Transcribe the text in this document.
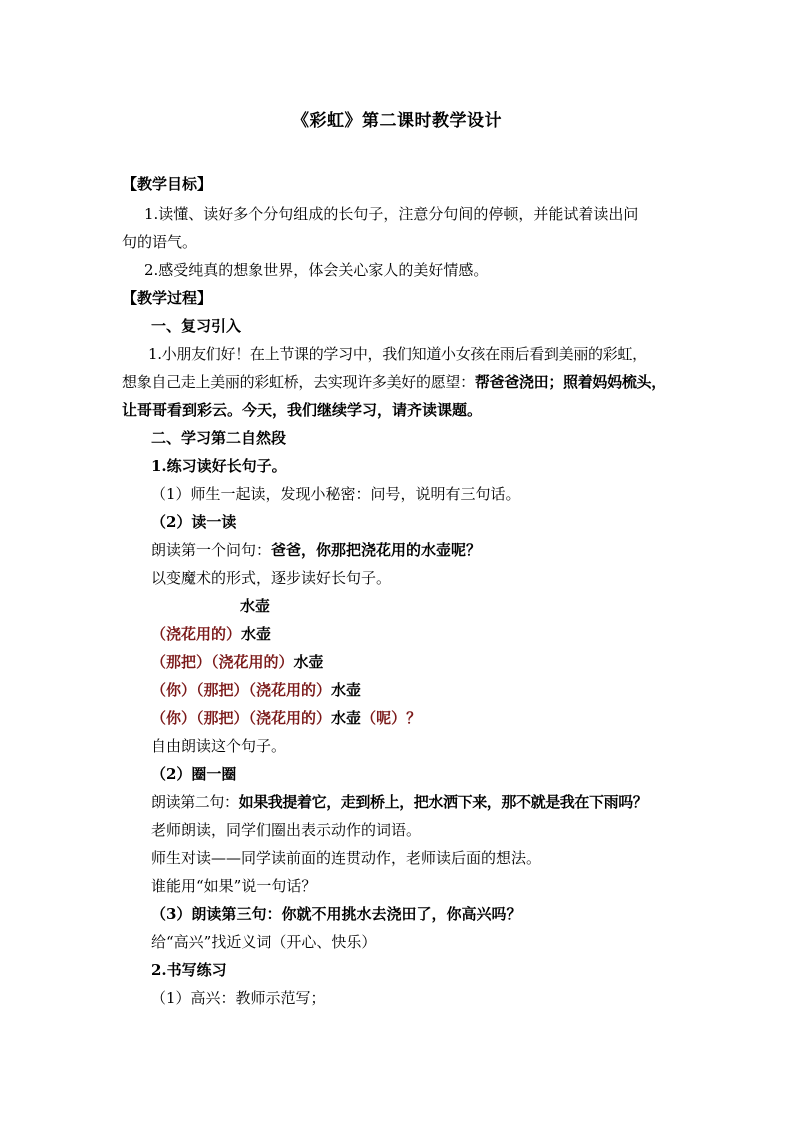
《彩虹》第二课时教学设计
【教学目标】
1.读懂、读好多个分句组成的长句子，注意分句间的停顿，并能试着读出问
句的语气。
2.感受纯真的想象世界，体会关心家人的美好情感。
【教学过程】
一、复习引入
1.小朋友们好！在上节课的学习中，我们知道小女孩在雨后看到美丽的彩虹，
想象自己走上美丽的彩虹桥，去实现许多美好的愿望：帮爸爸浇田；照着妈妈梳头，
让哥哥看到彩云。今天，我们继续学习，请齐读课题。
二、学习第二自然段
1.练习读好长句子。
（1）师生一起读，发现小秘密：问号，说明有三句话。
（2）读一读
朗读第一个问句：爸爸，你那把浇花用的水壶呢？
以变魔术的形式，逐步读好长句子。
水壶
（浇花用的）水壶
（那把）（浇花用的）水壶
（你）（那把）（浇花用的）水壶
（你）（那把）（浇花用的）水壶（呢）？
自由朗读这个句子。
（2）圈一圈
朗读第二句：如果我提着它，走到桥上，把水洒下来，那不就是我在下雨吗？
老师朗读，同学们圈出表示动作的词语。
师生对读——同学读前面的连贯动作，老师读后面的想法。
谁能用“如果”说一句话？
（3）朗读第三句：你就不用挑水去浇田了，你高兴吗？
给“高兴”找近义词（开心、快乐）
2.书写练习
（1）高兴：教师示范写；
